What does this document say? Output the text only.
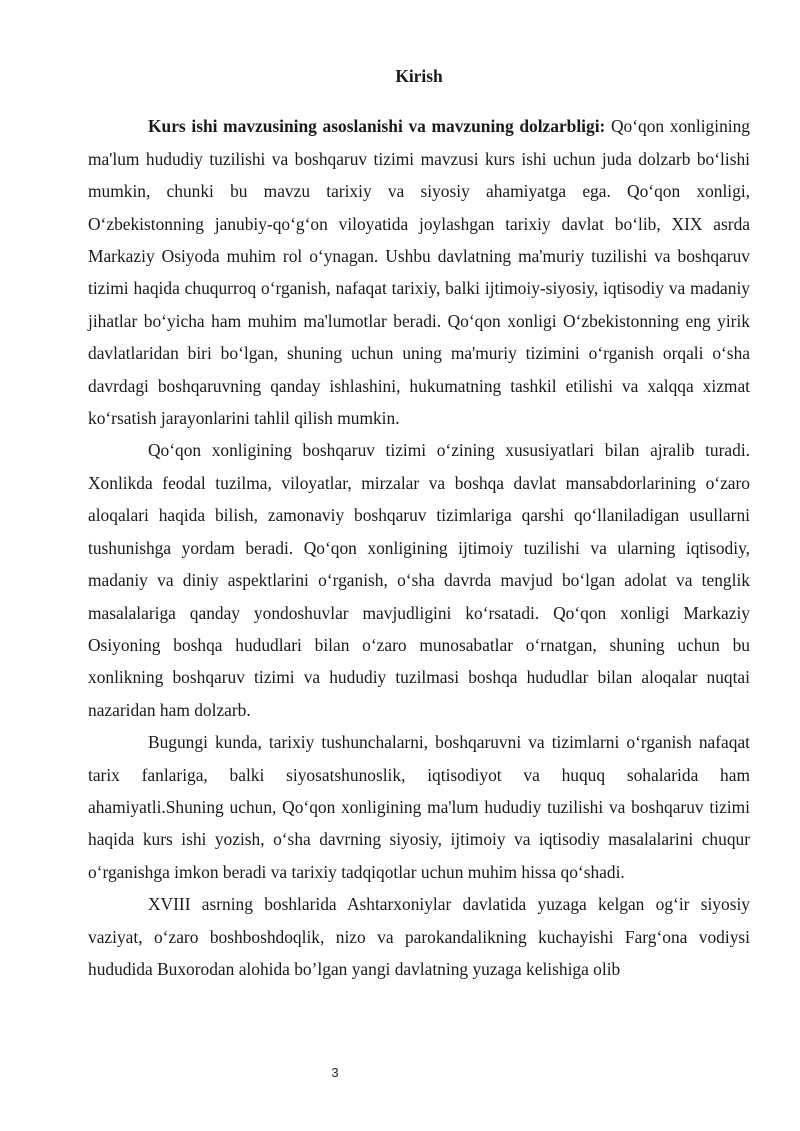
Kirish

Kurs ishi mavzusining asoslanishi va mavzuning dolzarbligi: Qo‘qon xonligining ma'lum hududiy tuzilishi va boshqaruv tizimi mavzusi kurs ishi uchun juda dolzarb bo‘lishi mumkin, chunki bu mavzu tarixiy va siyosiy ahamiyatga ega. Qo‘qon xonligi, O‘zbekistonning janubiy-qo‘g‘on viloyatida joylashgan tarixiy davlat bo‘lib, XIX asrda Markaziy Osiyoda muhim rol o‘ynagan. Ushbu davlatning ma'muriy tuzilishi va boshqaruv tizimi haqida chuqurroq o‘rganish, nafaqat tarixiy, balki ijtimoiy-siyosiy, iqtisodiy va madaniy jihatlar bo‘yicha ham muhim ma'lumotlar beradi. Qo‘qon xonligi O‘zbekistonning eng yirik davlatlaridan biri bo‘lgan, shuning uchun uning ma'muriy tizimini o‘rganish orqali o‘sha davrdagi boshqaruvning qanday ishlashini, hukumatning tashkil etilishi va xalqqa xizmat ko‘rsatish jarayonlarini tahlil qilish mumkin.

Qo‘qon xonligining boshqaruv tizimi o‘zining xususiyatlari bilan ajralib turadi. Xonlikda feodal tuzilma, viloyatlar, mirzalar va boshqa davlat mansabdorlarining o‘zaro aloqalari haqida bilish, zamonaviy boshqaruv tizimlariga qarshi qo‘llaniladigan usullarni tushunishga yordam beradi. Qo‘qon xonligining ijtimoiy tuzilishi va ularning iqtisodiy, madaniy va diniy aspektlarini o‘rganish, o‘sha davrda mavjud bo‘lgan adolat va tenglik masalalariga qanday yondoshuvlar mavjudligini ko‘rsatadi. Qo‘qon xonligi Markaziy Osiyoning boshqa hududlari bilan o‘zaro munosabatlar o‘rnatgan, shuning uchun bu xonlikning boshqaruv tizimi va hududiy tuzilmasi boshqa hududlar bilan aloqalar nuqtai nazaridan ham dolzarb.

Bugungi kunda, tarixiy tushunchalarni, boshqaruvni va tizimlarni o‘rganish nafaqat tarix fanlariga, balki siyosatshunoslik, iqtisodiyot va huquq sohalarida ham ahamiyatli.Shuning uchun, Qo‘qon xonligining ma'lum hududiy tuzilishi va boshqaruv tizimi haqida kurs ishi yozish, o‘sha davrning siyosiy, ijtimoiy va iqtisodiy masalalarini chuqur o‘rganishga imkon beradi va tarixiy tadqiqotlar uchun muhim hissa qo‘shadi.

XVIII asrning boshlarida Ashtarxoniylar davlatida yuzaga kelgan og‘ir siyosiy vaziyat, o‘zaro boshboshdoqlik, nizo va parokandalikning kuchayishi Farg‘ona vodiysi hududida Buxorodan alohida bo’lgan yangi davlatning yuzaga kelishiga olib

3
